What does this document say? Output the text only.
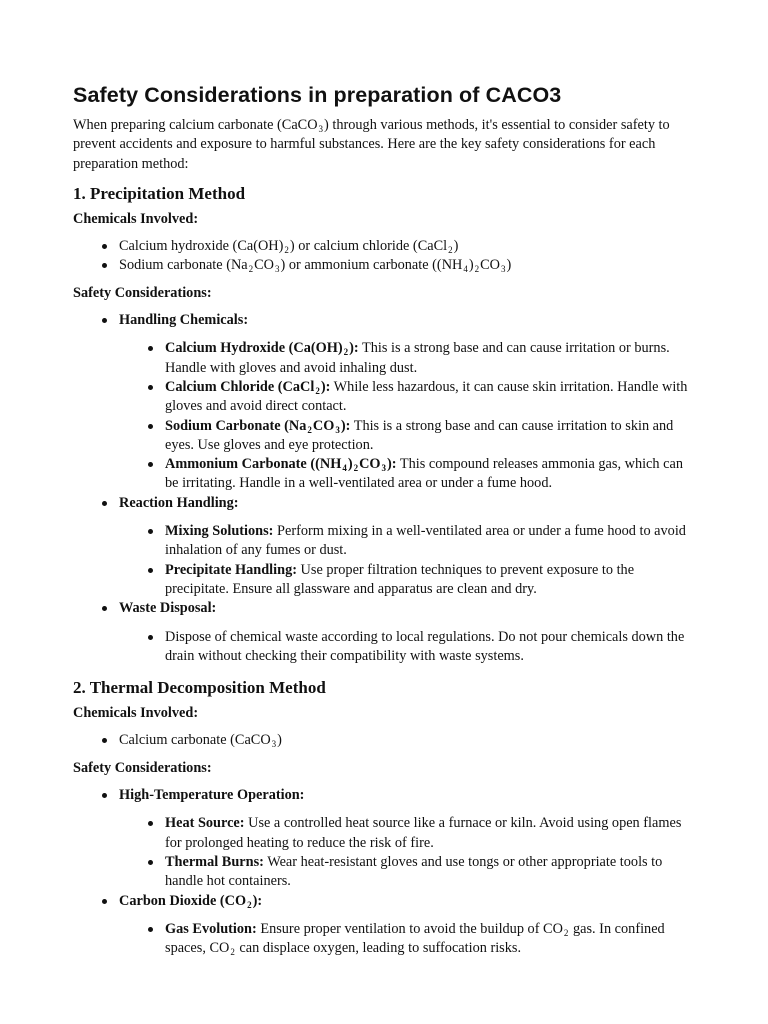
Safety Considerations in preparation of CACO3

When preparing calcium carbonate (CaCO$_3$) through various methods, it's essential to consider safety to prevent accidents and exposure to harmful substances. Here are the key safety considerations for each preparation method:

1. Precipitation Method

Chemicals Involved:

Calcium hydroxide $(Ca(OH)_2)$ or calcium chloride (CaCl$_2$)
Sodium carbonate $(Na_2CO_3)$ or ammonium carbonate $((NH_4)_2CO_3)$

Safety Considerations:

Handling Chemicals:
Calcium Hydroxide $(Ca(OH)_2)$: This is a strong base and can cause irritation or burns. Handle with gloves and avoid inhaling dust.
Calcium Chloride (CaCl$_2$): While less hazardous, it can cause skin irritation. Handle with gloves and avoid direct contact.
Sodium Carbonate $(Na_2CO_3)$: This is a strong base and can cause irritation to skin and eyes. Use gloves and eye protection.
Ammonium Carbonate $((NH_4)_2CO_3)$: This compound releases ammonia gas, which can be irritating. Handle in a well-ventilated area or under a fume hood.
Reaction Handling:
Mixing Solutions: Perform mixing in a well-ventilated area or under a fume hood to avoid inhalation of any fumes or dust.
Precipitate Handling: Use proper filtration techniques to prevent exposure to the precipitate. Ensure all glassware and apparatus are clean and dry.
Waste Disposal:
Dispose of chemical waste according to local regulations. Do not pour chemicals down the drain without checking their compatibility with waste systems.
2. Thermal Decomposition Method

Chemicals Involved:

Calcium carbonate (CaCO$_3$)

Safety Considerations:

High-Temperature Operation:
Heat Source: Use a controlled heat source like a furnace or kiln. Avoid using open flames for prolonged heating to reduce the risk of fire.
Thermal Burns: Wear heat-resistant gloves and use tongs or other appropriate tools to handle hot containers.
Carbon Dioxide $(CO_2)$:
Gas Evolution: Ensure proper ventilation to avoid the buildup of $CO_2$ gas. In confined spaces, $CO_2$ can displace oxygen, leading to suffocation risks.
